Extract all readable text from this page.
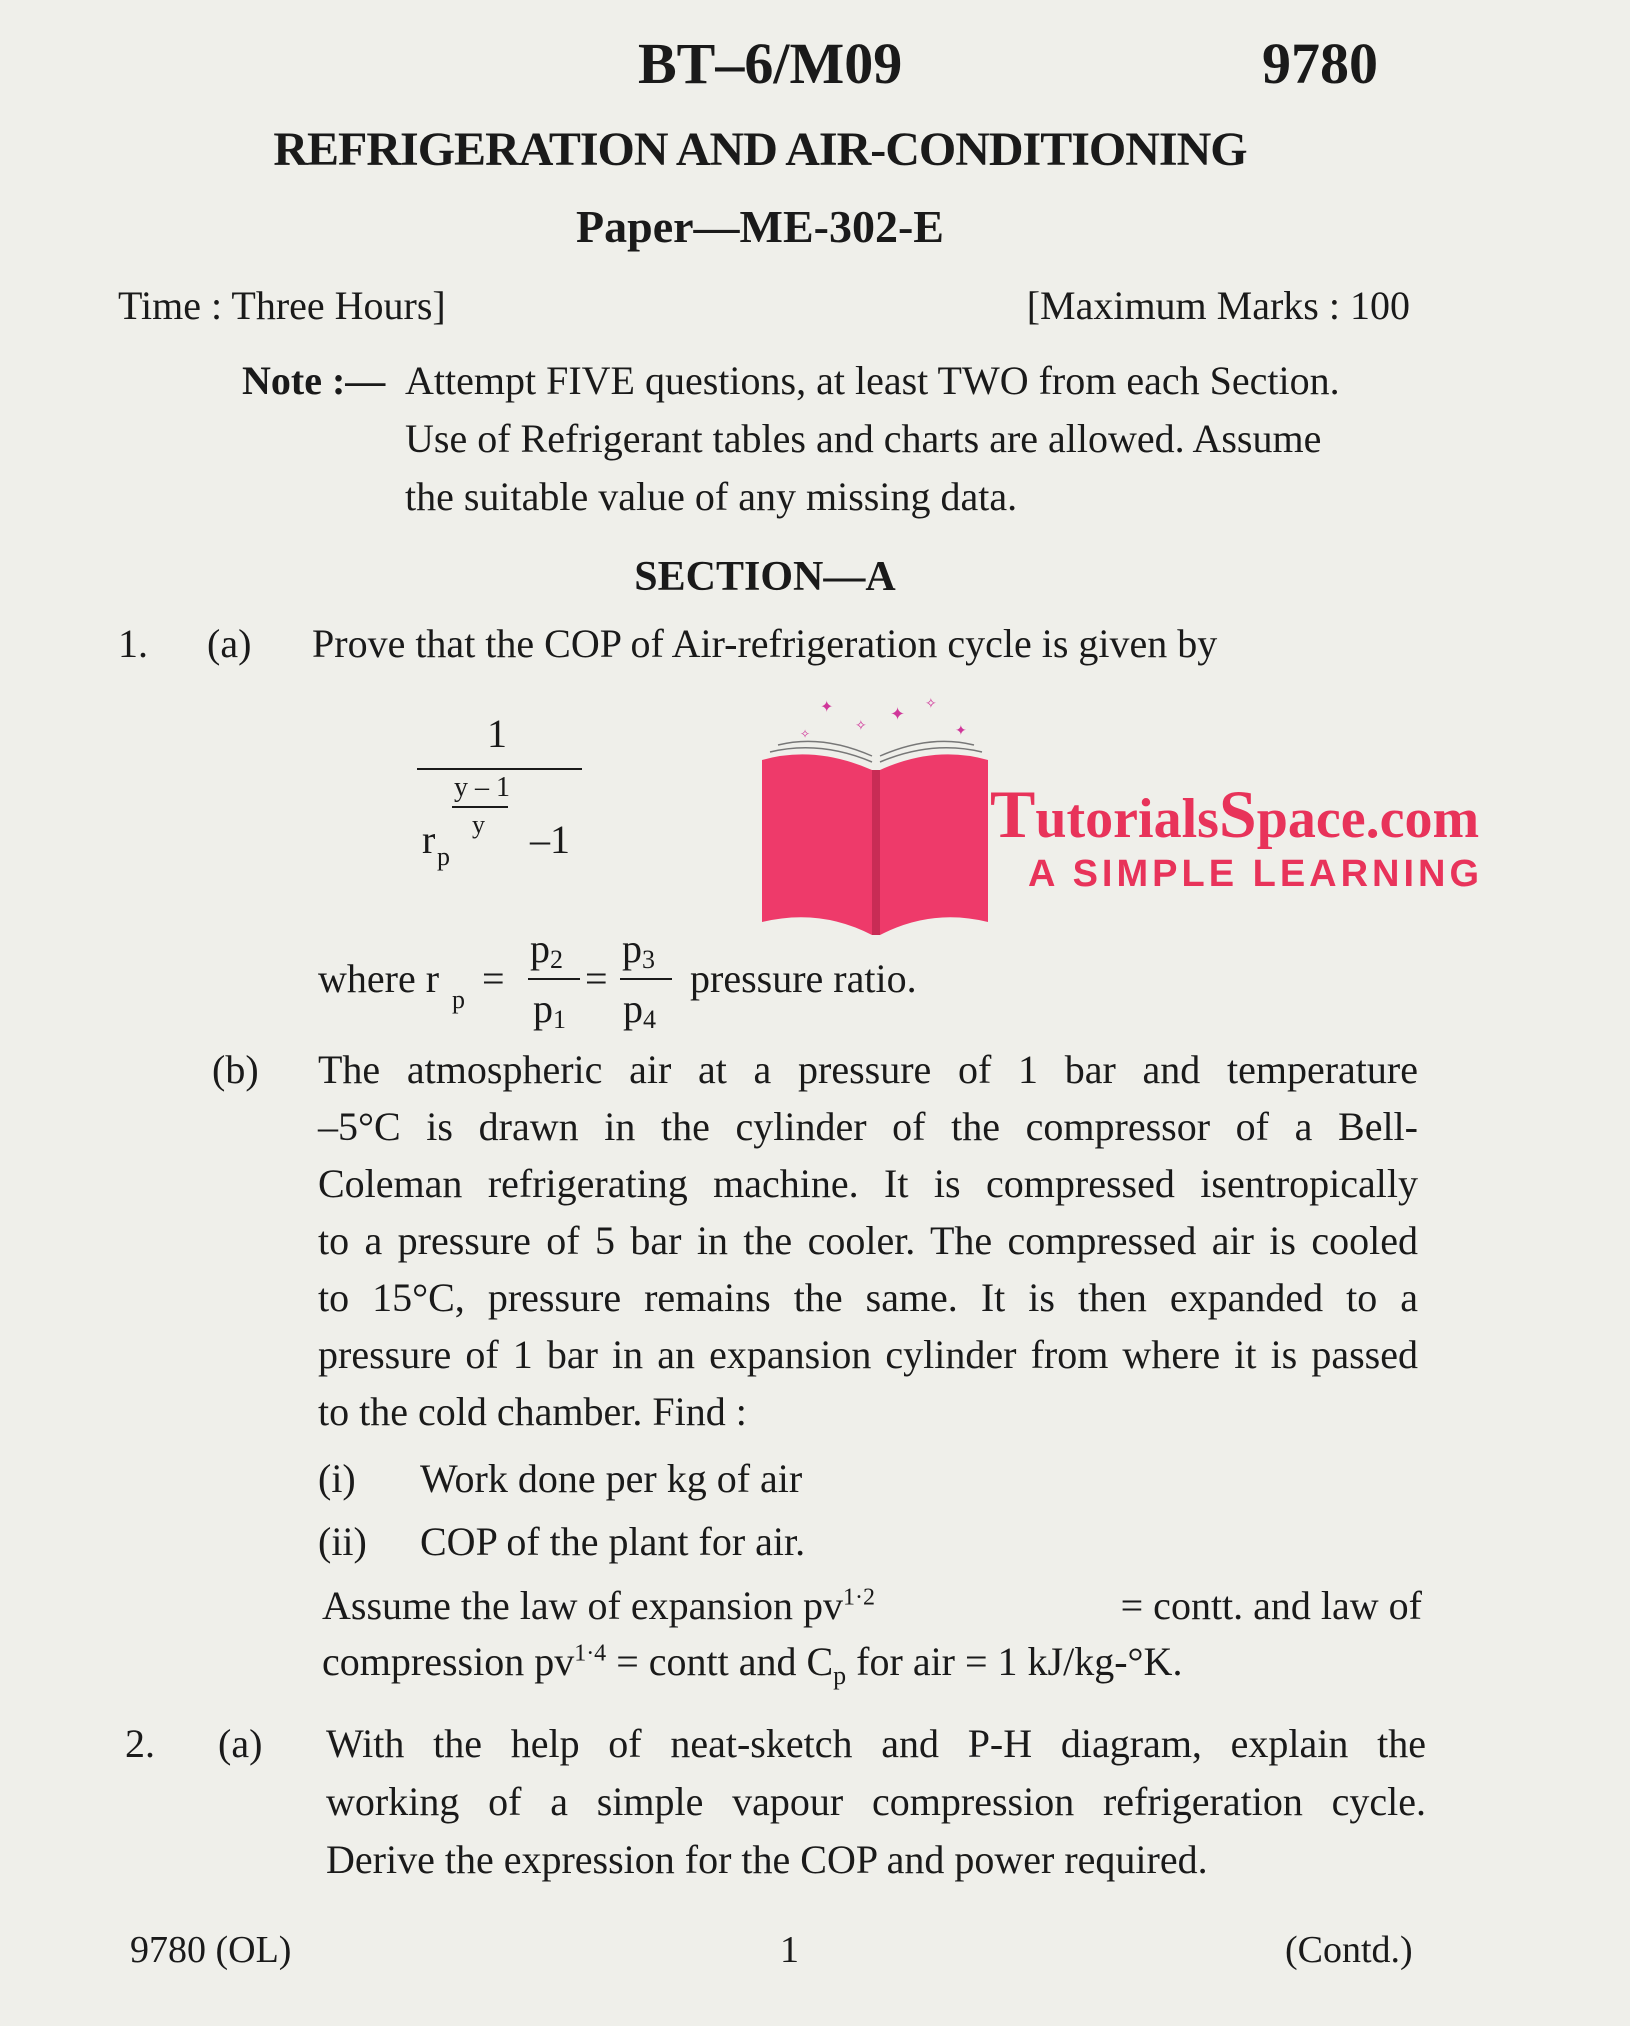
BT–6/M09	9780
REFRIGERATION AND AIR-CONDITIONING
Paper—ME-302-E
Time : Three Hours]	[Maximum Marks : 100
Note :— Attempt FIVE questions, at least TWO from each Section.
Use of Refrigerant tables and charts are allowed. Assume
the suitable value of any missing data.
SECTION—A
1. (a) Prove that the COP of Air-refrigeration cycle is given by
1
y – 1
y
r p –1
✦
✧
✦ ✧
✦
✧
TutorialsSpace.com
A SIMPLE LEARNING
where r p =
p2
p1
=
p3
p4
pressure ratio.
(b) The atmospheric air at a pressure of 1 bar and temperature
–5°C is drawn in the cylinder of the compressor of a Bell-
Coleman refrigerating machine. It is compressed isentropically
to a pressure of 5 bar in the cooler. The compressed air is cooled
to 15°C, pressure remains the same. It is then expanded to a
pressure of 1 bar in an expansion cylinder from where it is passed
to the cold chamber. Find :
(i) Work done per kg of air
(ii) COP of the plant for air.
Assume the law of expansion $pv^{1\cdot 2}$	= contt. and law of
compression $pv^{1\cdot 4}$ = contt and $C_p$ for air = 1 kJ/kg-°K.
2. (a) With the help of neat-sketch and P-H diagram, explain the
working of a simple vapour compression refrigeration cycle.
Derive the expression for the COP and power required.
9780 (OL)	1	(Contd.)
